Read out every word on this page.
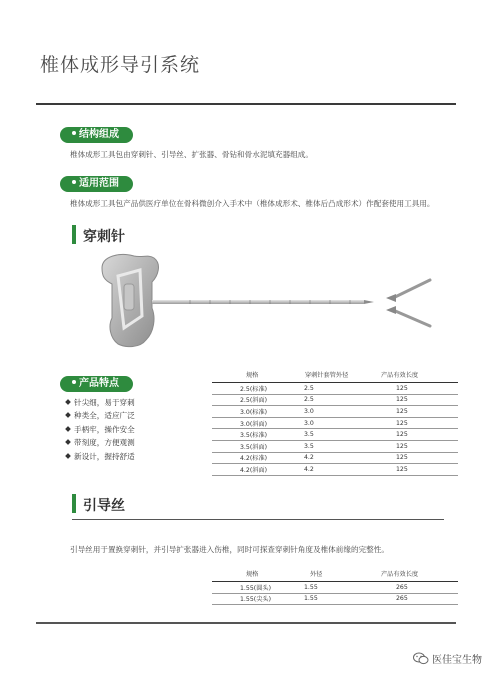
椎体成形导引系统
结构组成
椎体成形工具包由穿刺针、引导丝、扩张器、骨钻和骨水泥填充器组成。
适用范围
椎体成形工具包产品供医疗单位在骨科微创介入手术中（椎体成形术、椎体后凸成形术）作配套使用工具用。
穿刺针
产品特点
针尖细，易于穿刺
种类全，适应广泛
手柄牢，操作安全
带刻度，方便观测
新设计，握持舒适
规格	穿刺针套管外径	产品有效长度
2.5(标准)	2.5	125
2.5(斜面)	2.5	125
3.0(标准)	3.0	125
3.0(斜面)	3.0	125
3.5(标准)	3.5	125
3.5(斜面)	3.5	125
4.2(标准)	4.2	125
4.2(斜面)	4.2	125
引导丝
引导丝用于置换穿刺针，并引导扩张器进入伤椎，同时可探查穿刺针角度及椎体前缘的完整性。
规格	外径	产品有效长度
1.55(圆头)	1.55	265
1.55(尖头)	1.55	265
医佳宝生物
